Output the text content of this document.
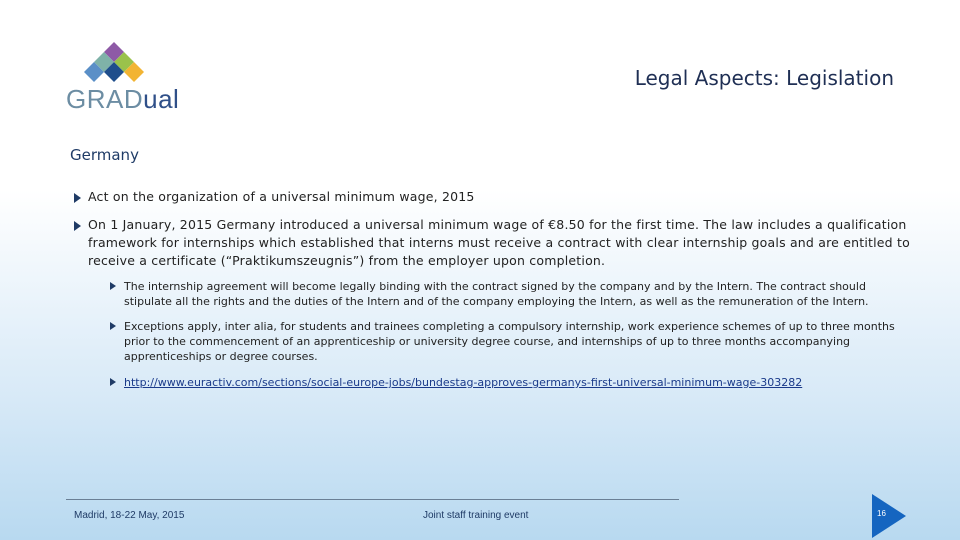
GRADual
Legal Aspects: Legislation
Germany
Act on the organization of a universal minimum wage, 2015
On 1 January, 2015 Germany introduced a universal minimum wage of €8.50 for the first time. The law includes a qualification framework for internships which established that interns must receive a contract with clear internship goals and are entitled to receive a certificate (“Praktikumszeugnis”) from the employer upon completion.
The internship agreement will become legally binding with the contract signed by the company and by the Intern. The contract should stipulate all the rights and the duties of the Intern and of the company employing the Intern, as well as the remuneration of the Intern.
Exceptions apply, inter alia, for students and trainees completing a compulsory internship, work experience schemes of up to three months prior to the commencement of an apprenticeship or university degree course, and internships of up to three months accompanying apprenticeships or degree courses.
http://www.euractiv.com/sections/social-europe-jobs/bundestag-approves-germanys-first-universal-minimum-wage-303282
Madrid, 18-22 May, 2015	Joint staff training event	16
